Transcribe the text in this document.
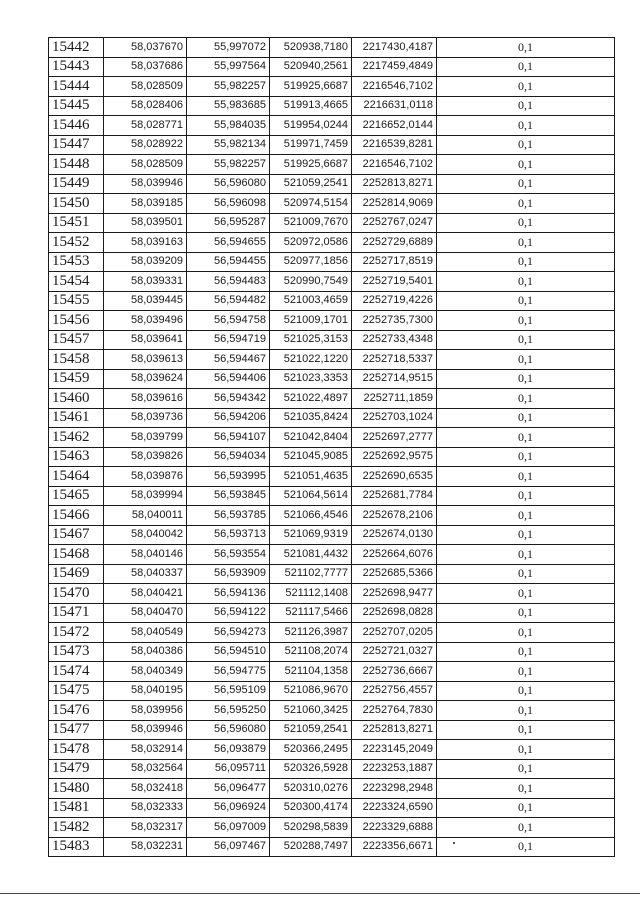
15442	58,037670	55,997072	520938,7180	2217430,4187	0,1
15443	58,037686	55,997564	520940,2561	2217459,4849	0,1
15444	58,028509	55,982257	519925,6687	2216546,7102	0,1
15445	58,028406	55,983685	519913,4665	2216631,0118	0,1
15446	58,028771	55,984035	519954,0244	2216652,0144	0,1
15447	58,028922	55,982134	519971,7459	2216539,8281	0,1
15448	58,028509	55,982257	519925,6687	2216546,7102	0,1
15449	58,039946	56,596080	521059,2541	2252813,8271	0,1
15450	58,039185	56,596098	520974,5154	2252814,9069	0,1
15451	58,039501	56,595287	521009,7670	2252767,0247	0,1
15452	58,039163	56,594655	520972,0586	2252729,6889	0,1
15453	58,039209	56,594455	520977,1856	2252717,8519	0,1
15454	58,039331	56,594483	520990,7549	2252719,5401	0,1
15455	58,039445	56,594482	521003,4659	2252719,4226	0,1
15456	58,039496	56,594758	521009,1701	2252735,7300	0,1
15457	58,039641	56,594719	521025,3153	2252733,4348	0,1
15458	58,039613	56,594467	521022,1220	2252718,5337	0,1
15459	58,039624	56,594406	521023,3353	2252714,9515	0,1
15460	58,039616	56,594342	521022,4897	2252711,1859	0,1
15461	58,039736	56,594206	521035,8424	2252703,1024	0,1
15462	58,039799	56,594107	521042,8404	2252697,2777	0,1
15463	58,039826	56,594034	521045,9085	2252692,9575	0,1
15464	58,039876	56,593995	521051,4635	2252690,6535	0,1
15465	58,039994	56,593845	521064,5614	2252681,7784	0,1
15466	58,040011	56,593785	521066,4546	2252678,2106	0,1
15467	58,040042	56,593713	521069,9319	2252674,0130	0,1
15468	58,040146	56,593554	521081,4432	2252664,6076	0,1
15469	58,040337	56,593909	521102,7777	2252685,5366	0,1
15470	58,040421	56,594136	521112,1408	2252698,9477	0,1
15471	58,040470	56,594122	521117,5466	2252698,0828	0,1
15472	58,040549	56,594273	521126,3987	2252707,0205	0,1
15473	58,040386	56,594510	521108,2074	2252721,0327	0,1
15474	58,040349	56,594775	521104,1358	2252736,6667	0,1
15475	58,040195	56,595109	521086,9670	2252756,4557	0,1
15476	58,039956	56,595250	521060,3425	2252764,7830	0,1
15477	58,039946	56,596080	521059,2541	2252813,8271	0,1
15478	58,032914	56,093879	520366,2495	2223145,2049	0,1
15479	58,032564	56,095711	520326,5928	2223253,1887	0,1
15480	58,032418	56,096477	520310,0276	2223298,2948	0,1
15481	58,032333	56,096924	520300,4174	2223324,6590	0,1
15482	58,032317	56,097009	520298,5839	2223329,6888	0,1
15483	58,032231	56,097467	520288,7497	2223356,6671	0,1
